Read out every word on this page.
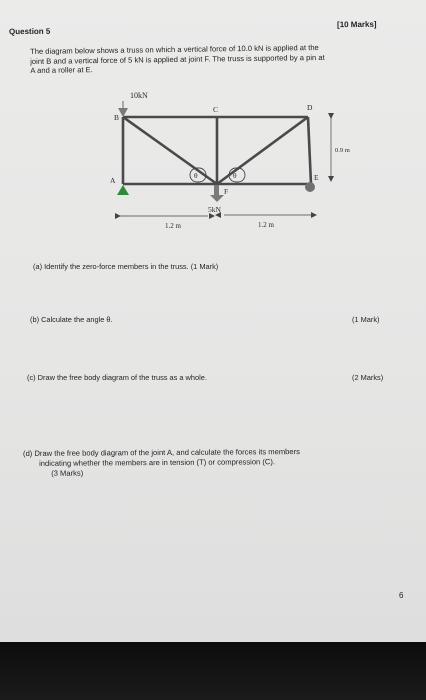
Question 5
[10 Marks]
The diagram below shows a truss on which a vertical force of 10.0 kN is applied at the
joint B and a vertical force of 5 kN is applied at joint F. The truss is supported by a pin at
A and a roller at E.
10kN
5kN
θ	θ
B
C	D
A	E
F
0.9 m
1.2 m	1.2 m
(a) Identify the zero-force members in the truss. (1 Mark)
(b) Calculate the angle θ.	(1 Mark)
(c) Draw the free body diagram of the truss as a whole.	(2 Marks)
(d) Draw the free body diagram of the joint A, and calculate the forces its members
indicating whether the members are in tension (T) or compression (C).
(3 Marks)
6
